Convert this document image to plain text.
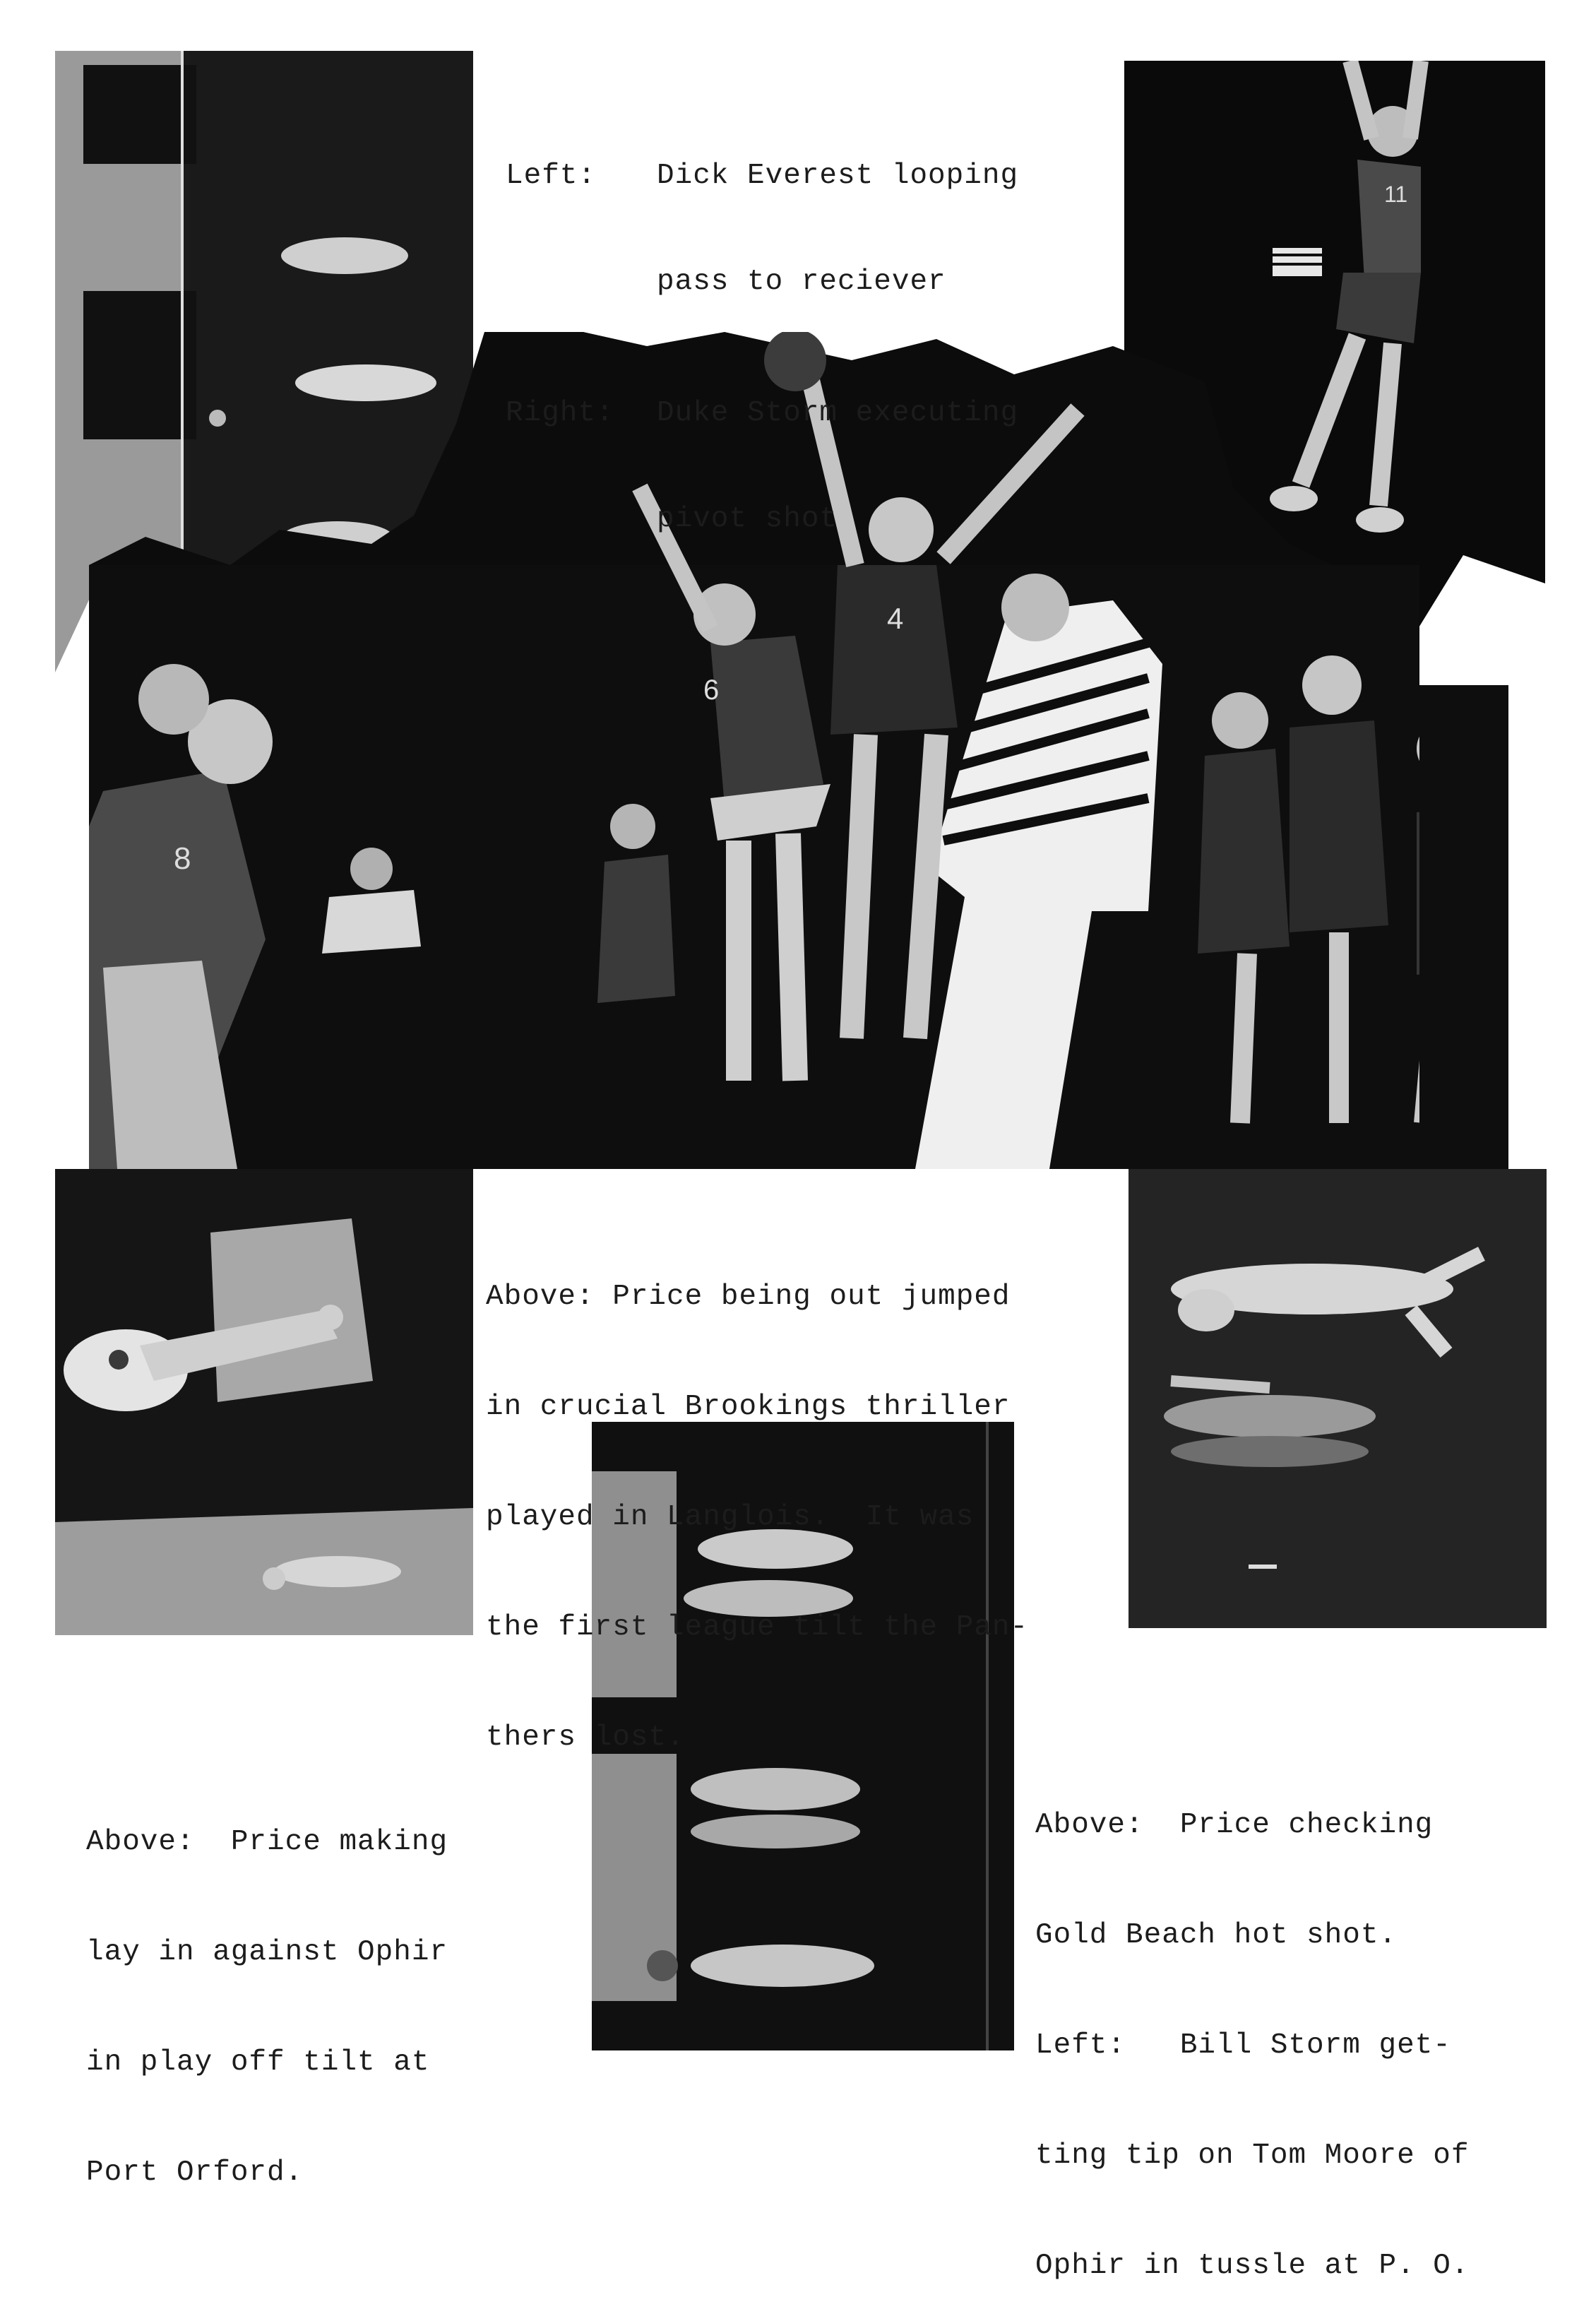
11
4
6
8

Left: Dick Everest looping

pass to reciever

Right: Duke Storm executing

pivot shot

Above: Price being out jumped

in crucial Brookings thriller

played in Langlois.  It was

the first league tilt the Pan-

thers lost.

Above:  Price making

lay in against Ophir

in play off tilt at

Port Orford.

Above:  Price checking

Gold Beach hot shot.

Left:   Bill Storm get-

ting tip on Tom Moore of

Ophir in tussle at P. O.
